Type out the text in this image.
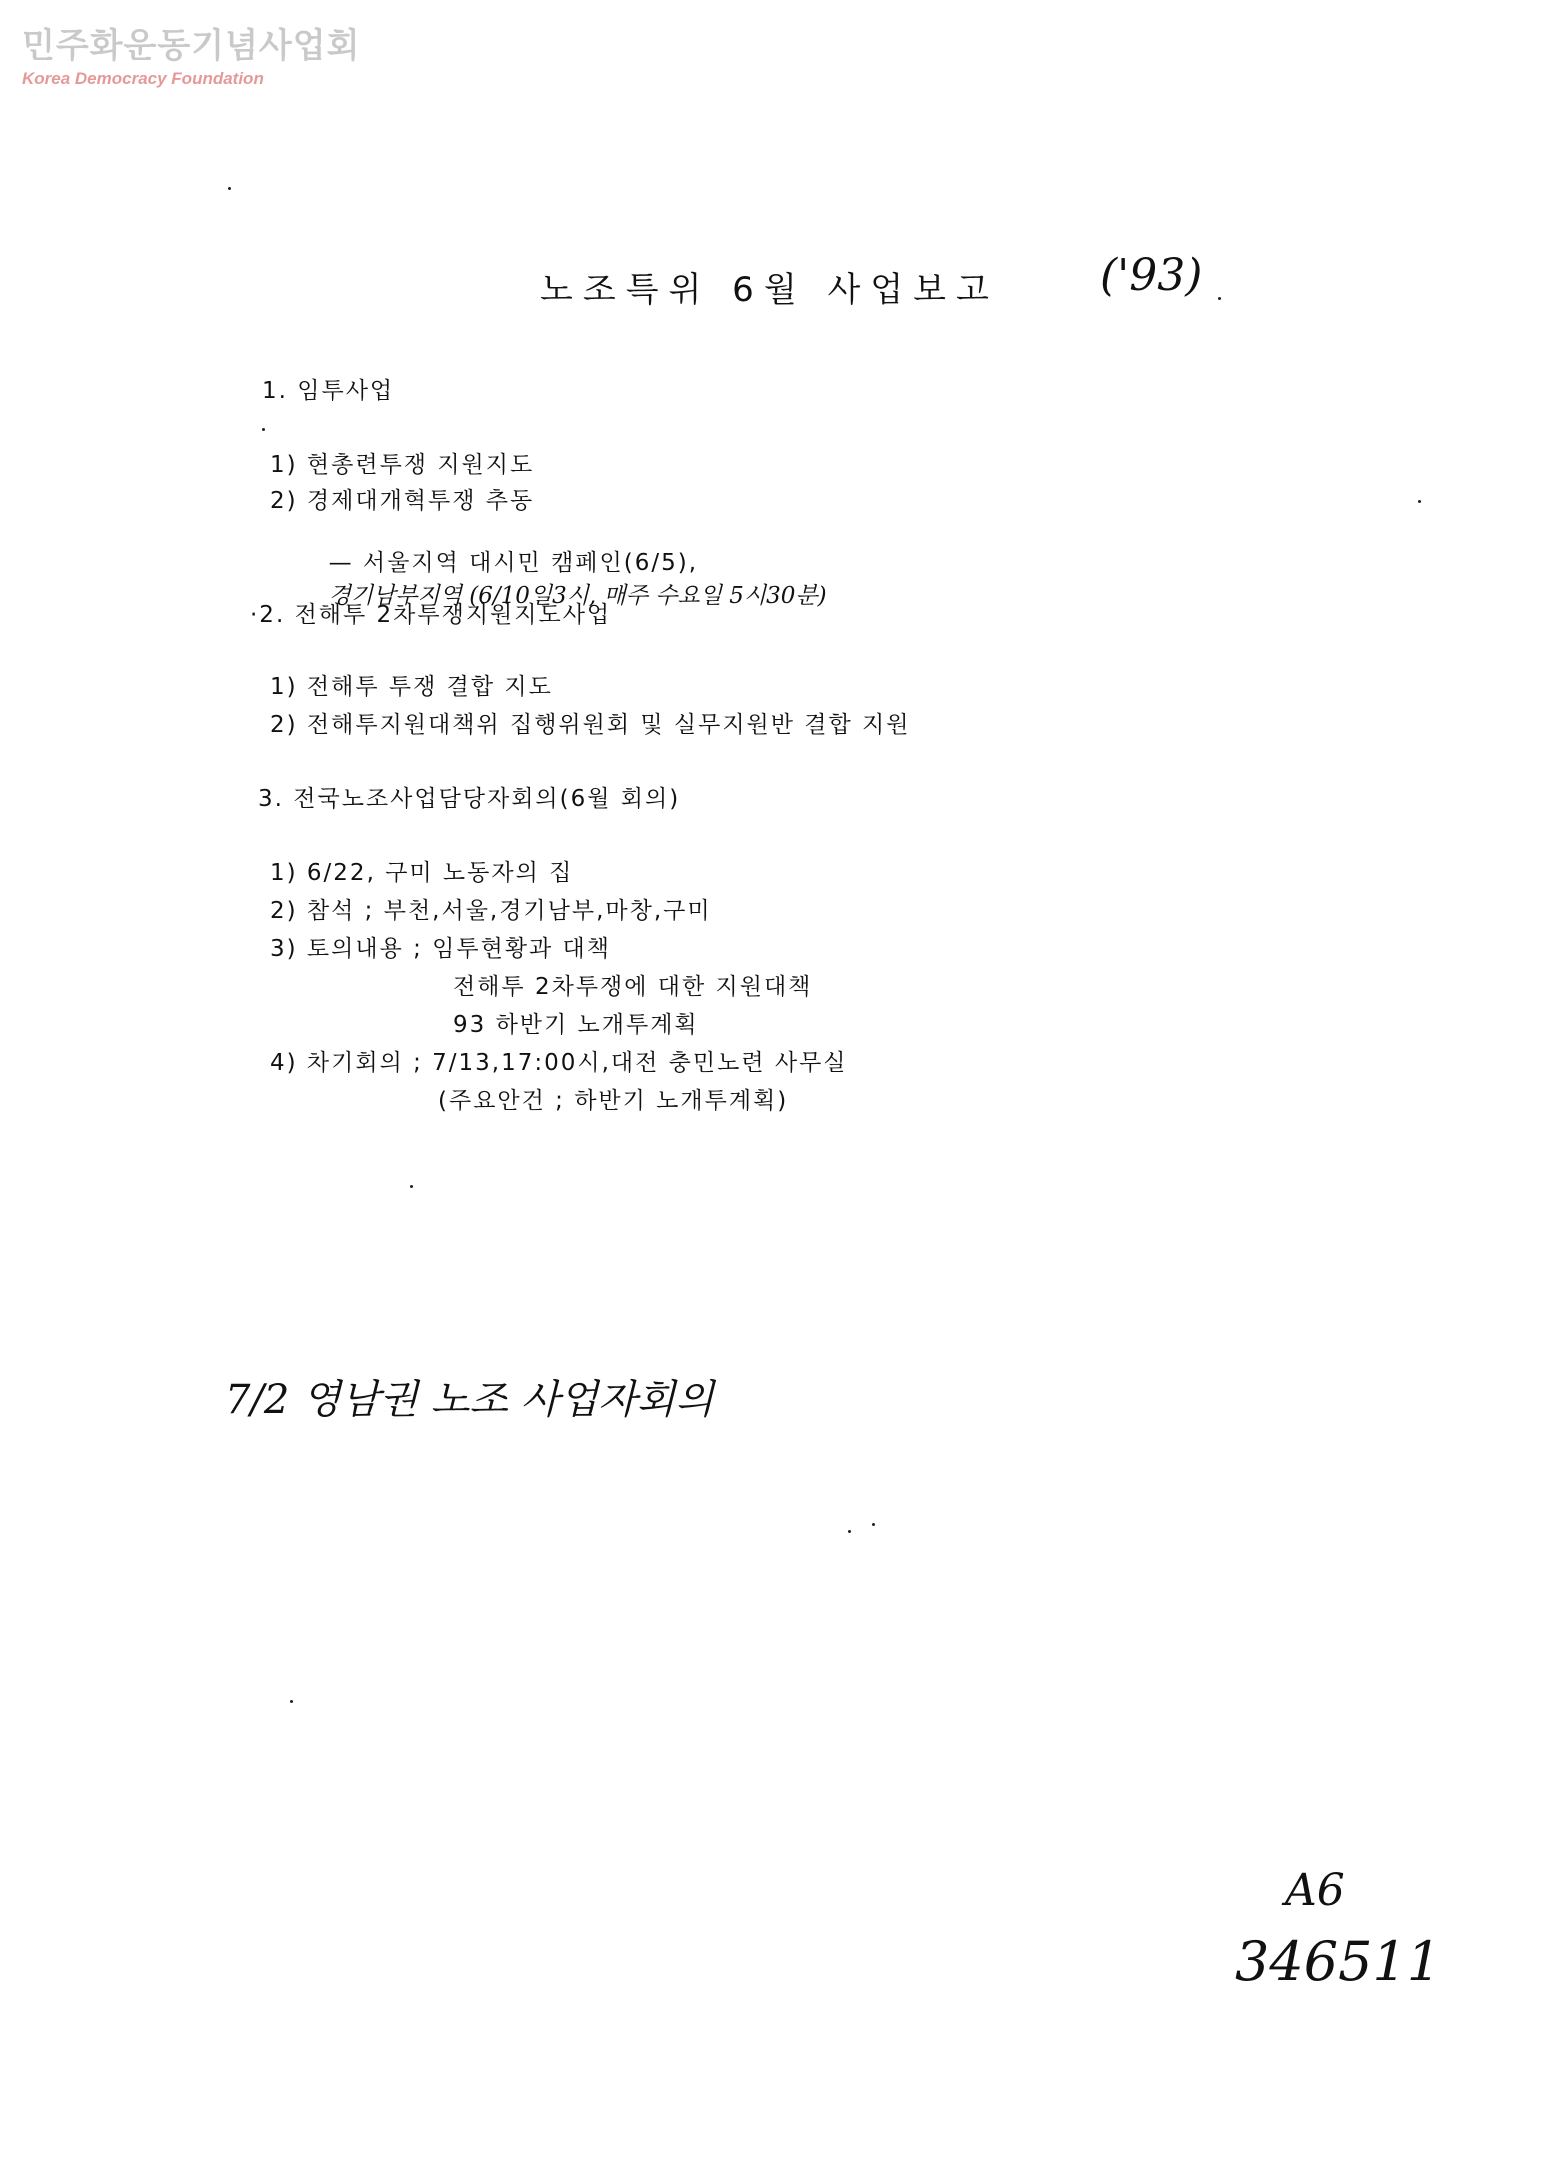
민주화운동기념사업회
Korea Democracy Foundation
노조특위 6월 사업보고 ('93)
1. 임투사업
1) 현총련투쟁 지원지도
2) 경제대개혁투쟁 추동

— 서울지역 대시민 캠페인(6/5),
경기남부지역 (6/10일3시, 매주 수요일 5시30분)

·2. 전해투 2차투쟁지원지도사업
1) 전해투 투쟁 결합 지도
2) 전해투지원대책위 집행위원회 및 실무지원반 결합 지원
3. 전국노조사업담당자회의(6월 회의)
1) 6/22, 구미 노동자의 집
2) 참석 ; 부천,서울,경기남부,마창,구미
3) 토의내용 ; 임투현황과 대책
전해투 2차투쟁에 대한 지원대책
93 하반기 노개투계획
4) 차기회의 ; 7/13,17:00시,대전 충민노련 사무실
(주요안건 ; 하반기 노개투계획)
7/2 영남권 노조 사업자회의
A6
346511
